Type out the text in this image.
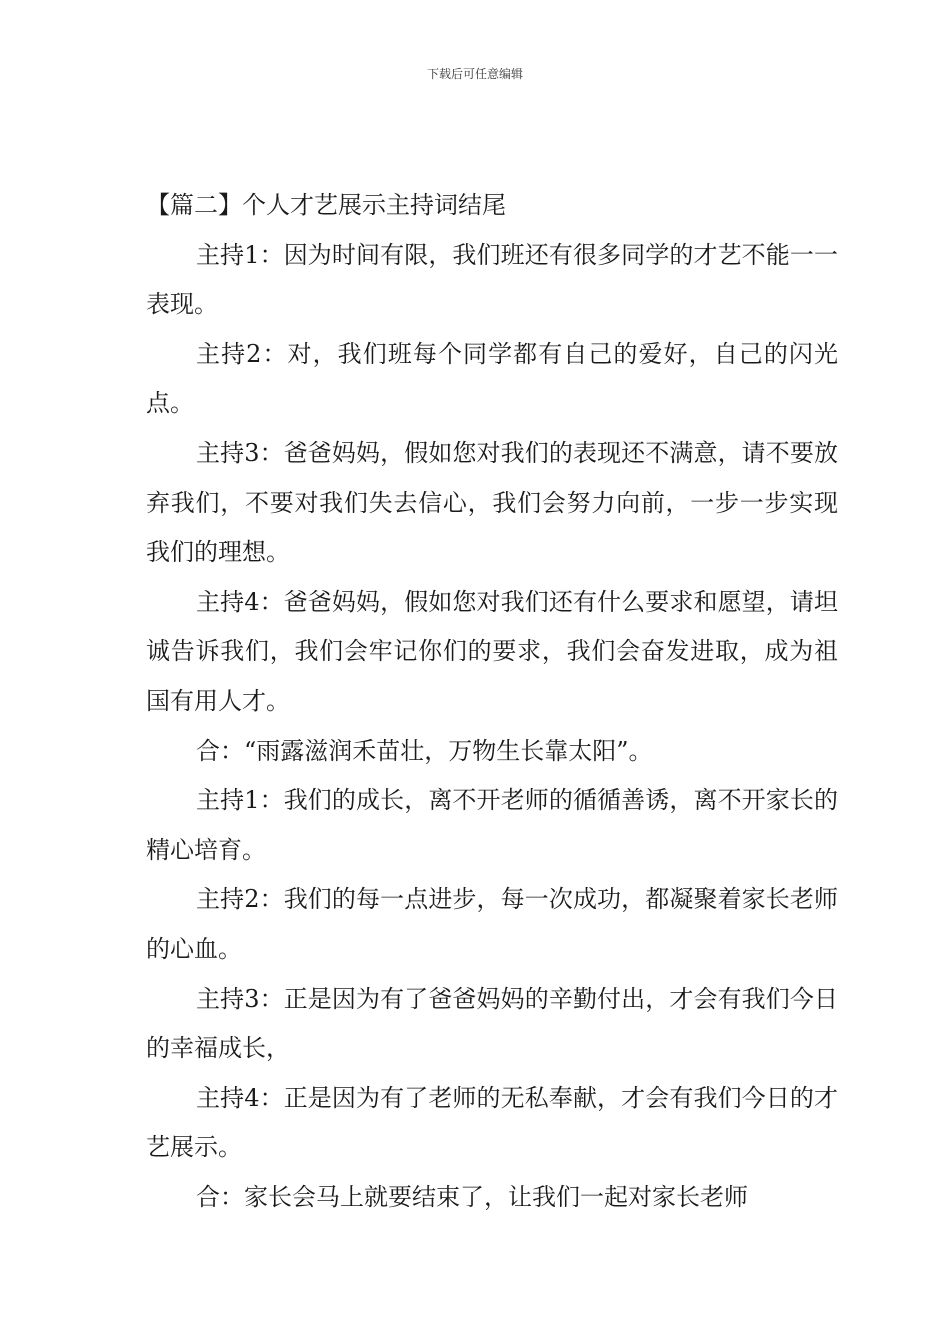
下载后可任意编辑

【篇二】个人才艺展示主持词结尾

主持1：因为时间有限，我们班还有很多同学的才艺不能一一表现。

主持2：对，我们班每个同学都有自己的爱好，自己的闪光点。

主持3：爸爸妈妈，假如您对我们的表现还不满意，请不要放弃我们，不要对我们失去信心，我们会努力向前，一步一步实现我们的理想。

主持4：爸爸妈妈，假如您对我们还有什么要求和愿望，请坦诚告诉我们，我们会牢记你们的要求，我们会奋发进取，成为祖国有用人才。

合：“雨露滋润禾苗壮，万物生长靠太阳”。

主持1：我们的成长，离不开老师的循循善诱，离不开家长的精心培育。

主持2：我们的每一点进步，每一次成功，都凝聚着家长老师的心血。

主持3：正是因为有了爸爸妈妈的辛勤付出，才会有我们今日的幸福成长，

主持4：正是因为有了老师的无私奉献，才会有我们今日的才艺展示。

合：家长会马上就要结束了，让我们一起对家长老师
